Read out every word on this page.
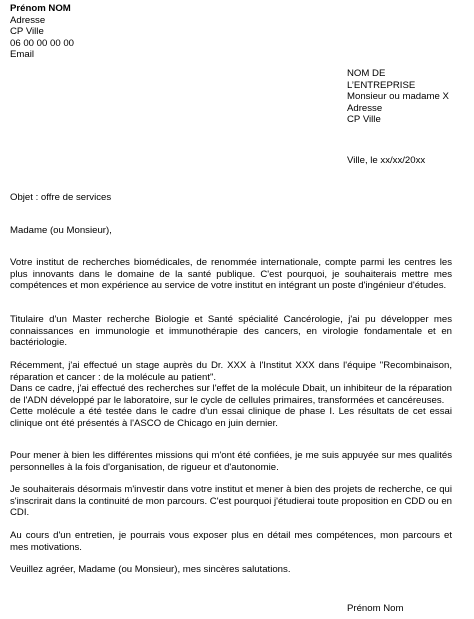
Prénom NOM
Adresse
CP Ville
06 00 00 00 00
Email
NOM DE
L’ENTREPRISE
Monsieur ou madame X
Adresse
CP Ville
Ville, le xx/xx/20xx
Objet : offre de services
Madame (ou Monsieur),

Votre institut de recherches biomédicales, de renommée internationale, compte parmi les centres les plus innovants dans le domaine de la santé publique. C'est pourquoi, je souhaiterais mettre mes compétences et mon expérience au service de votre institut en intégrant un poste d'ingénieur d'études.

Titulaire d'un Master recherche Biologie et Santé spécialité Cancérologie, j'ai pu développer mes connaissances en immunologie et immunothérapie des cancers, en virologie fondamentale et en bactériologie.

Récemment, j'ai effectué un stage auprès du Dr. XXX à l'Institut XXX dans l'équipe "Recombinaison, réparation et cancer : de la molécule au patient".

Dans ce cadre, j'ai effectué des recherches sur l'effet de la molécule Dbait, un inhibiteur de la réparation de l'ADN développé par le laboratoire, sur le cycle de cellules primaires, transformées et cancéreuses.

Cette molécule a été testée dans le cadre d'un essai clinique de phase I. Les résultats de cet essai clinique ont été présentés à l'ASCO de Chicago en juin dernier.

Pour mener à bien les différentes missions qui m'ont été confiées, je me suis appuyée sur mes qualités personnelles à la fois d'organisation, de rigueur et d'autonomie.

Je souhaiterais désormais m'investir dans votre institut et mener à bien des projets de recherche, ce qui s'inscrirait dans la continuité de mon parcours. C'est pourquoi j'étudierai toute proposition en CDD ou en CDI.

Au cours d'un entretien, je pourrais vous exposer plus en détail mes compétences, mon parcours et mes motivations.

Veuillez agréer, Madame (ou Monsieur), mes sincères salutations.

Prénom Nom
